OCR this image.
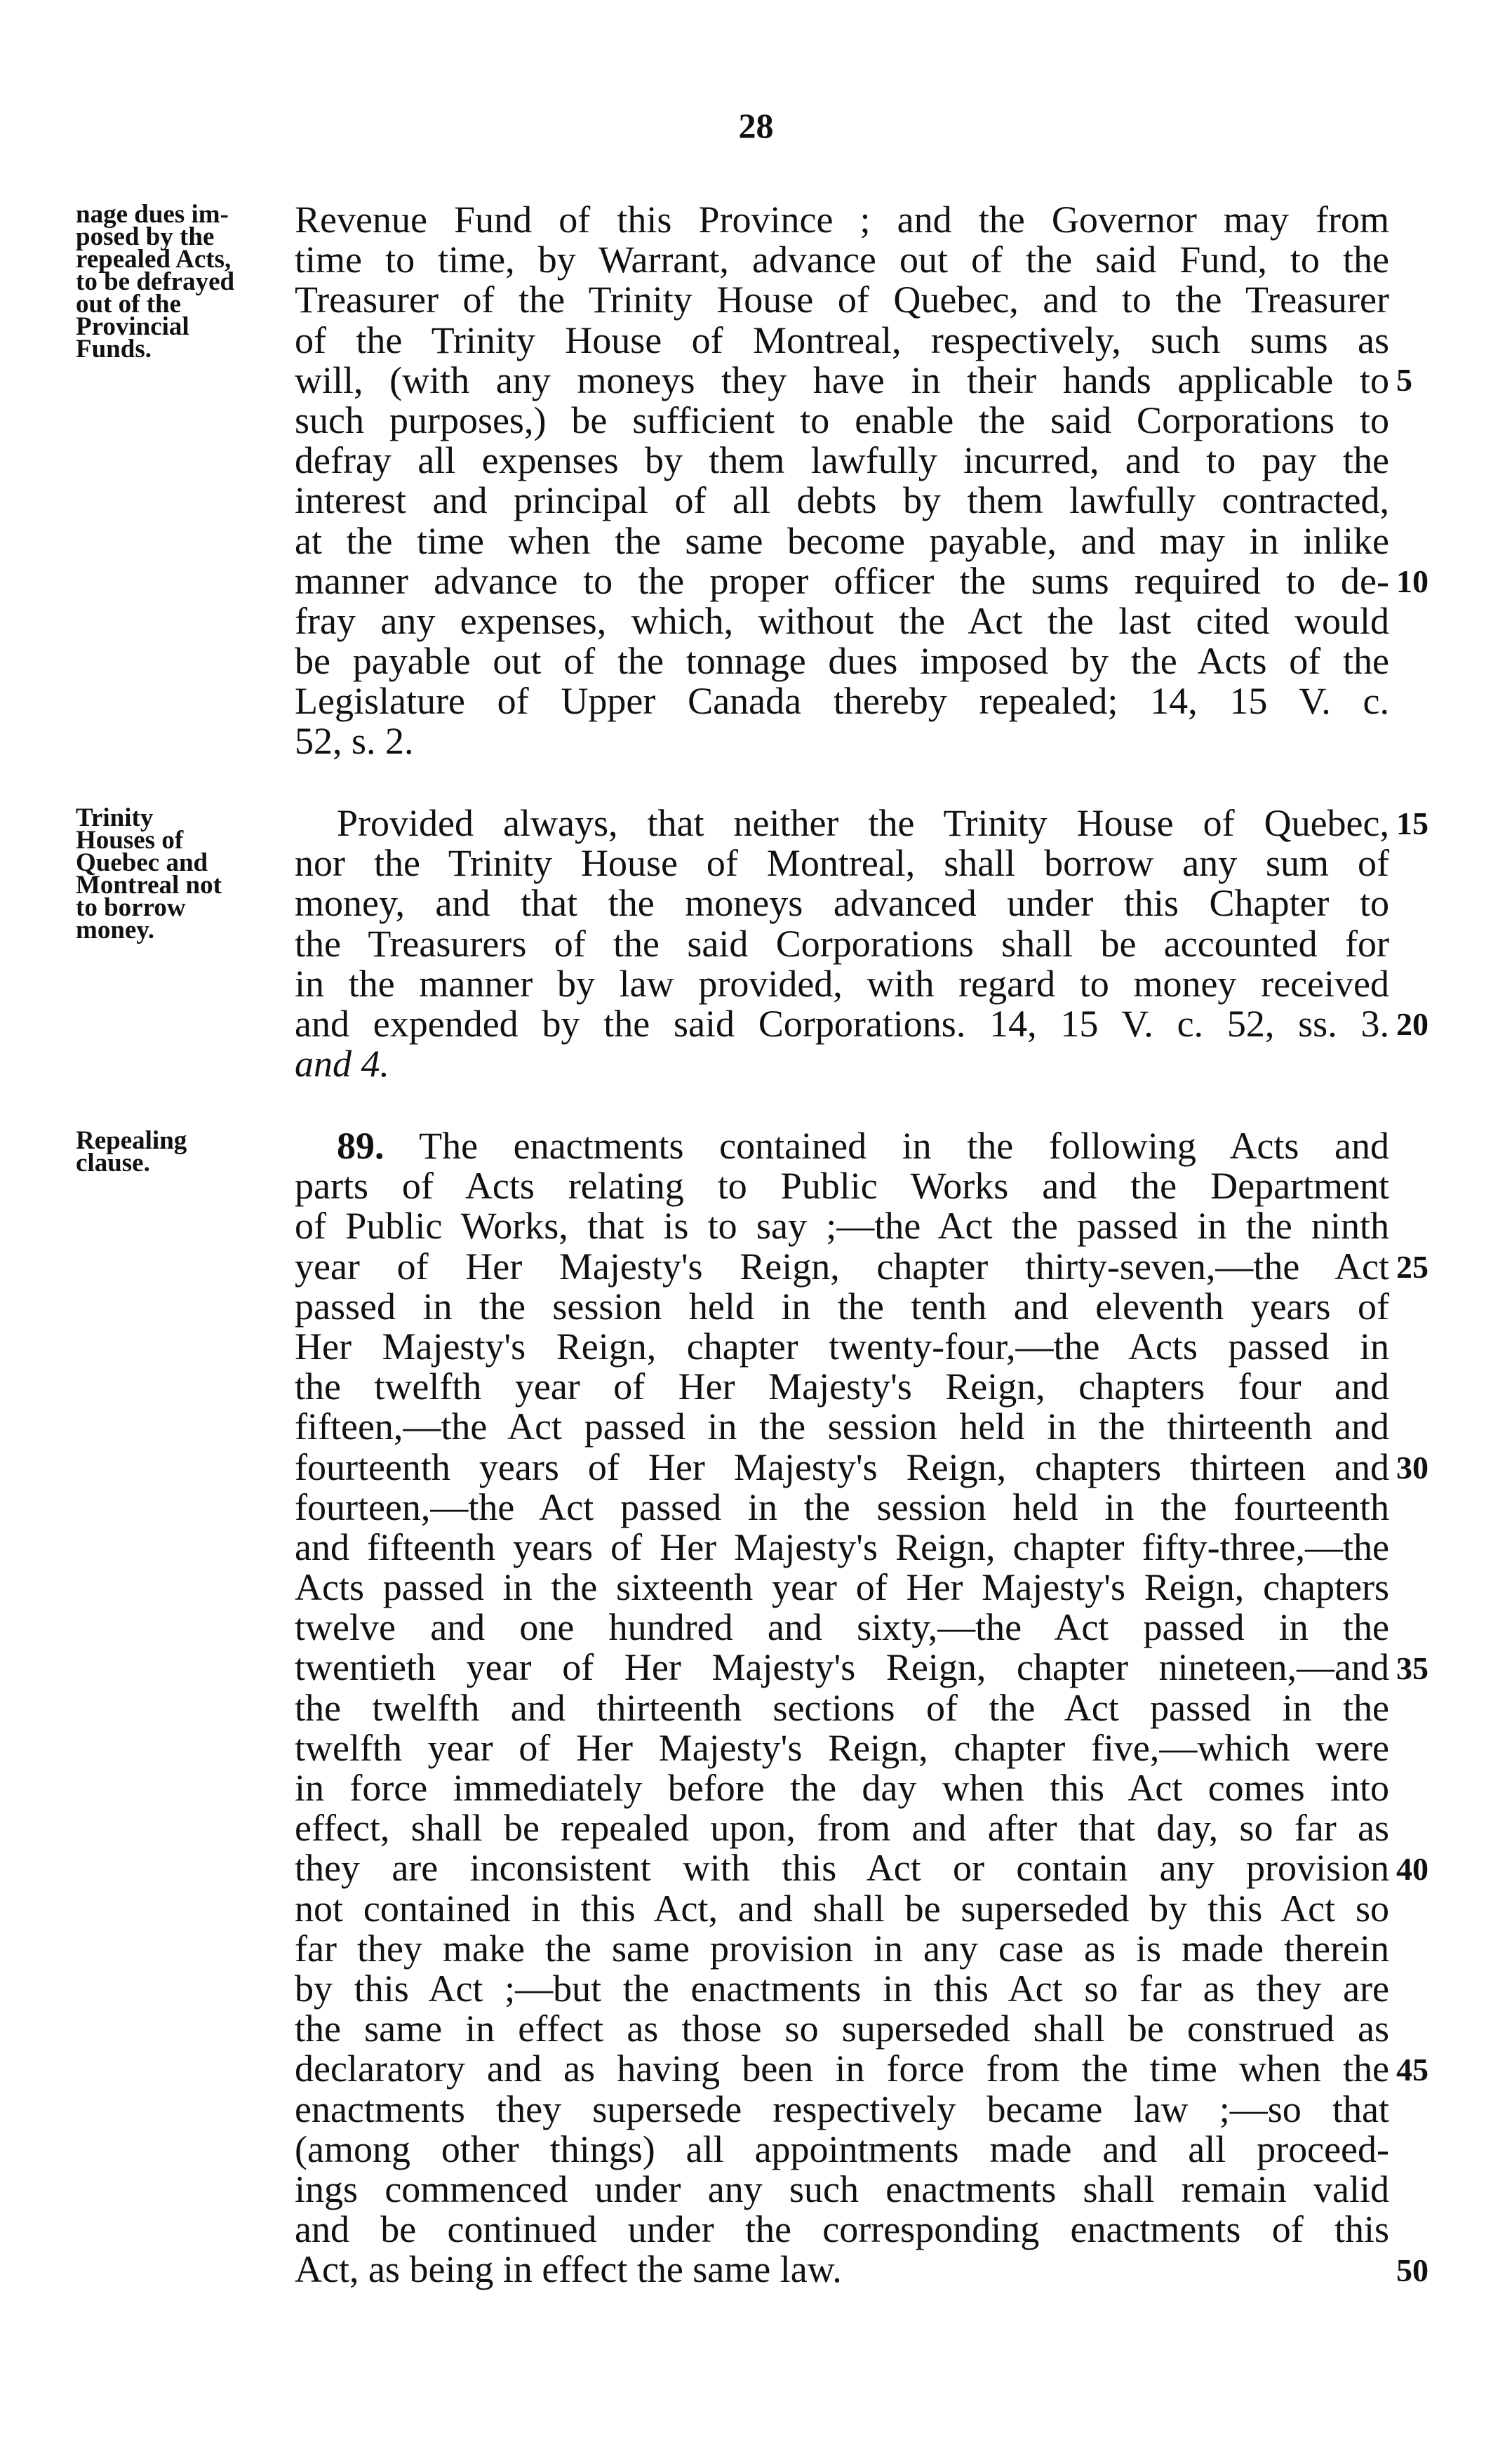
28
nage dues im-
posed by the
repealed Acts,
to be defrayed
out of the
Provincial
Funds.
Trinity
Houses of
Quebec and
Montreal not
to borrow
money.
Repealing
clause.
Revenue Fund of this Province ; and the Governor may from
time to time, by Warrant, advance out of the said Fund, to the
Treasurer of the Trinity House of Quebec, and to the Treasurer
of the Trinity House of Montreal, respectively, such sums as
will, (with any moneys they have in their hands applicable to
such purposes,) be sufficient to enable the said Corporations to
defray all expenses by them lawfully incurred, and to pay the
interest and principal of all debts by them lawfully contracted,
at the time when the same become payable, and may in inlike
manner advance to the proper officer the sums required to de-
fray any expenses, which, without the Act the last cited would
be payable out of the tonnage dues imposed by the Acts of the
Legislature of Upper Canada thereby repealed; 14, 15 V. c.
52, s. 2.
Provided always, that neither the Trinity House of Quebec,
nor the Trinity House of Montreal, shall borrow any sum of
money, and that the moneys advanced under this Chapter to
the Treasurers of the said Corporations shall be accounted for
in the manner by law provided, with regard to money received
and expended by the said Corporations. 14, 15 V. c. 52, ss. 3.
and 4.
89. The enactments contained in the following Acts and
parts of Acts relating to Public Works and the Department
of Public Works, that is to say ;—the Act the passed in the ninth
year of Her Majesty's Reign, chapter thirty-seven,—the Act
passed in the session held in the tenth and eleventh years of
Her Majesty's Reign, chapter twenty-four,—the Acts passed in
the twelfth year of Her Majesty's Reign, chapters four and
fifteen,—the Act passed in the session held in the thirteenth and
fourteenth years of Her Majesty's Reign, chapters thirteen and
fourteen,—the Act passed in the session held in the fourteenth
and fifteenth years of Her Majesty's Reign, chapter fifty-three,—the
Acts passed in the sixteenth year of Her Majesty's Reign, chapters
twelve and one hundred and sixty,—the Act passed in the
twentieth year of Her Majesty's Reign, chapter nineteen,—and
the twelfth and thirteenth sections of the Act passed in the
twelfth year of Her Majesty's Reign, chapter five,—which were
in force immediately before the day when this Act comes into
effect, shall be repealed upon, from and after that day, so far as
they are inconsistent with this Act or contain any provision
not contained in this Act, and shall be superseded by this Act so
far they make the same provision in any case as is made therein
by this Act ;—but the enactments in this Act so far as they are
the same in effect as those so superseded shall be construed as
declaratory and as having been in force from the time when the
enactments they supersede respectively became law ;—so that
(among other things) all appointments made and all proceed-
ings commenced under any such enactments shall remain valid
and be continued under the corresponding enactments of this
Act, as being in effect the same law.
5
10
15
20
25
30
35
40
45
50
